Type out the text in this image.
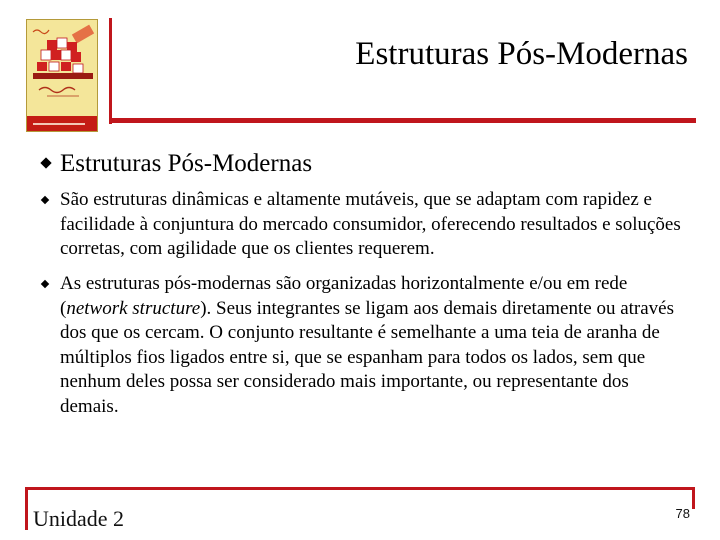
Estruturas Pós-Modernas
Estruturas Pós-Modernas

São estruturas dinâmicas e altamente mutáveis, que se adaptam com rapidez e facilidade à conjuntura do mercado consumidor, oferecendo resultados e soluções corretas, com agilidade que os clientes requerem.

As estruturas pós-modernas são organizadas horizontalmente e/ou em rede (network structure). Seus integrantes se ligam aos demais diretamente ou através dos que os cercam. O conjunto resultante é semelhante a uma teia de aranha de múltiplos fios ligados entre si, que se espanham para todos os lados, sem que nenhum deles possa ser considerado mais importante, ou representante dos demais.

Unidade 2	78
